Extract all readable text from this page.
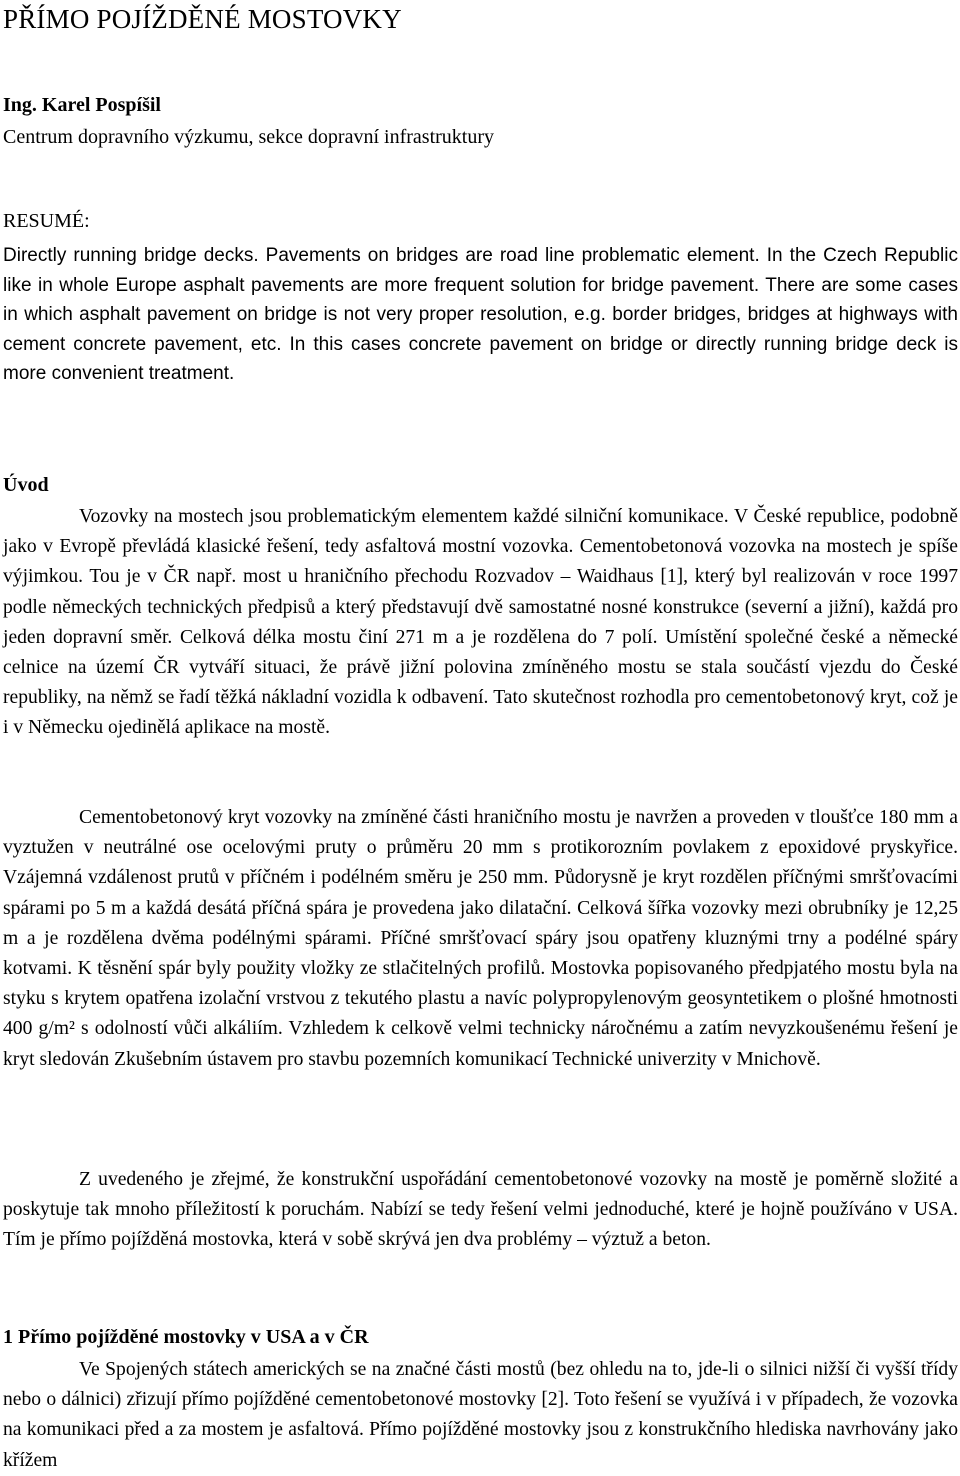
PŘÍMO POJÍŽDĚNÉ MOSTOVKY
Ing. Karel Pospíšil
Centrum dopravního výzkumu, sekce dopravní infrastruktury
RESUMÉ:

Directly running bridge decks. Pavements on bridges are road line problematic element. In the Czech Republic like in whole Europe asphalt pavements are more frequent solution for bridge pavement. There are some cases in which asphalt pavement on bridge is not very proper resolution, e.g. border bridges, bridges at highways with cement concrete pavement, etc. In this cases concrete pavement on bridge or directly running bridge deck is more convenient treatment.

Úvod

Vozovky na mostech jsou problematickým elementem každé silniční komunikace. V České republice, podobně jako v Evropě převládá klasické řešení, tedy asfaltová mostní vozovka. Cementobetonová vozovka na mostech je spíše výjimkou. Tou je v ČR např. most u hraničního přechodu Rozvadov – Waidhaus [1], který byl realizován v roce 1997 podle německých technických předpisů a který představují dvě samostatné nosné konstrukce (severní a jižní), každá pro jeden dopravní směr. Celková délka mostu činí 271 m a je rozdělena do 7 polí. Umístění společné české a německé celnice na území ČR vytváří situaci, že právě jižní polovina zmíněného mostu se stala součástí vjezdu do České republiky, na němž se řadí těžká nákladní vozidla k odbavení. Tato skutečnost rozhodla pro cementobetonový kryt, což je i v Německu ojedinělá aplikace na mostě.

Cementobetonový kryt vozovky na zmíněné části hraničního mostu je navržen a proveden v tloušťce 180 mm a vyztužen v neutrálné ose ocelovými pruty o průměru 20 mm s protikorozním povlakem z epoxidové pryskyřice. Vzájemná vzdálenost prutů v příčném i podélném směru je 250 mm. Půdorysně je kryt rozdělen příčnými smršťovacími spárami po 5 m a každá desátá příčná spára je provedena jako dilatační. Celková šířka vozovky mezi obrubníky je 12,25 m a je rozdělena dvěma podélnými spárami. Příčné smršťovací spáry jsou opatřeny kluznými trny a podélné spáry kotvami. K těsnění spár byly použity vložky ze stlačitelných profilů. Mostovka popisovaného předpjatého mostu byla na styku s krytem opatřena izolační vrstvou z tekutého plastu a navíc polypropylenovým geosyntetikem o plošné hmotnosti 400 g/m² s odolností vůči alkáliím. Vzhledem k celkově velmi technicky náročnému a zatím nevyzkoušenému řešení je kryt sledován Zkušebním ústavem pro stavbu pozemních komunikací Technické univerzity v Mnichově.

Z uvedeného je zřejmé, že konstrukční uspořádání cementobetonové vozovky na mostě je poměrně složité a poskytuje tak mnoho příležitostí k poruchám. Nabízí se tedy řešení velmi jednoduché, které je hojně používáno v USA. Tím je přímo pojížděná mostovka, která v sobě skrývá jen dva problémy – výztuž a beton.

1 Přímo pojížděné mostovky v USA a v ČR

Ve Spojených státech amerických se na značné části mostů (bez ohledu na to, jde-li o silnici nižší či vyšší třídy nebo o dálnici) zřizují přímo pojížděné cementobetonové mostovky [2]. Toto řešení se využívá i v případech, že vozovka na komunikaci před a za mostem je asfaltová. Přímo pojížděné mostovky jsou z konstrukčního hlediska navrhovány jako křížem
